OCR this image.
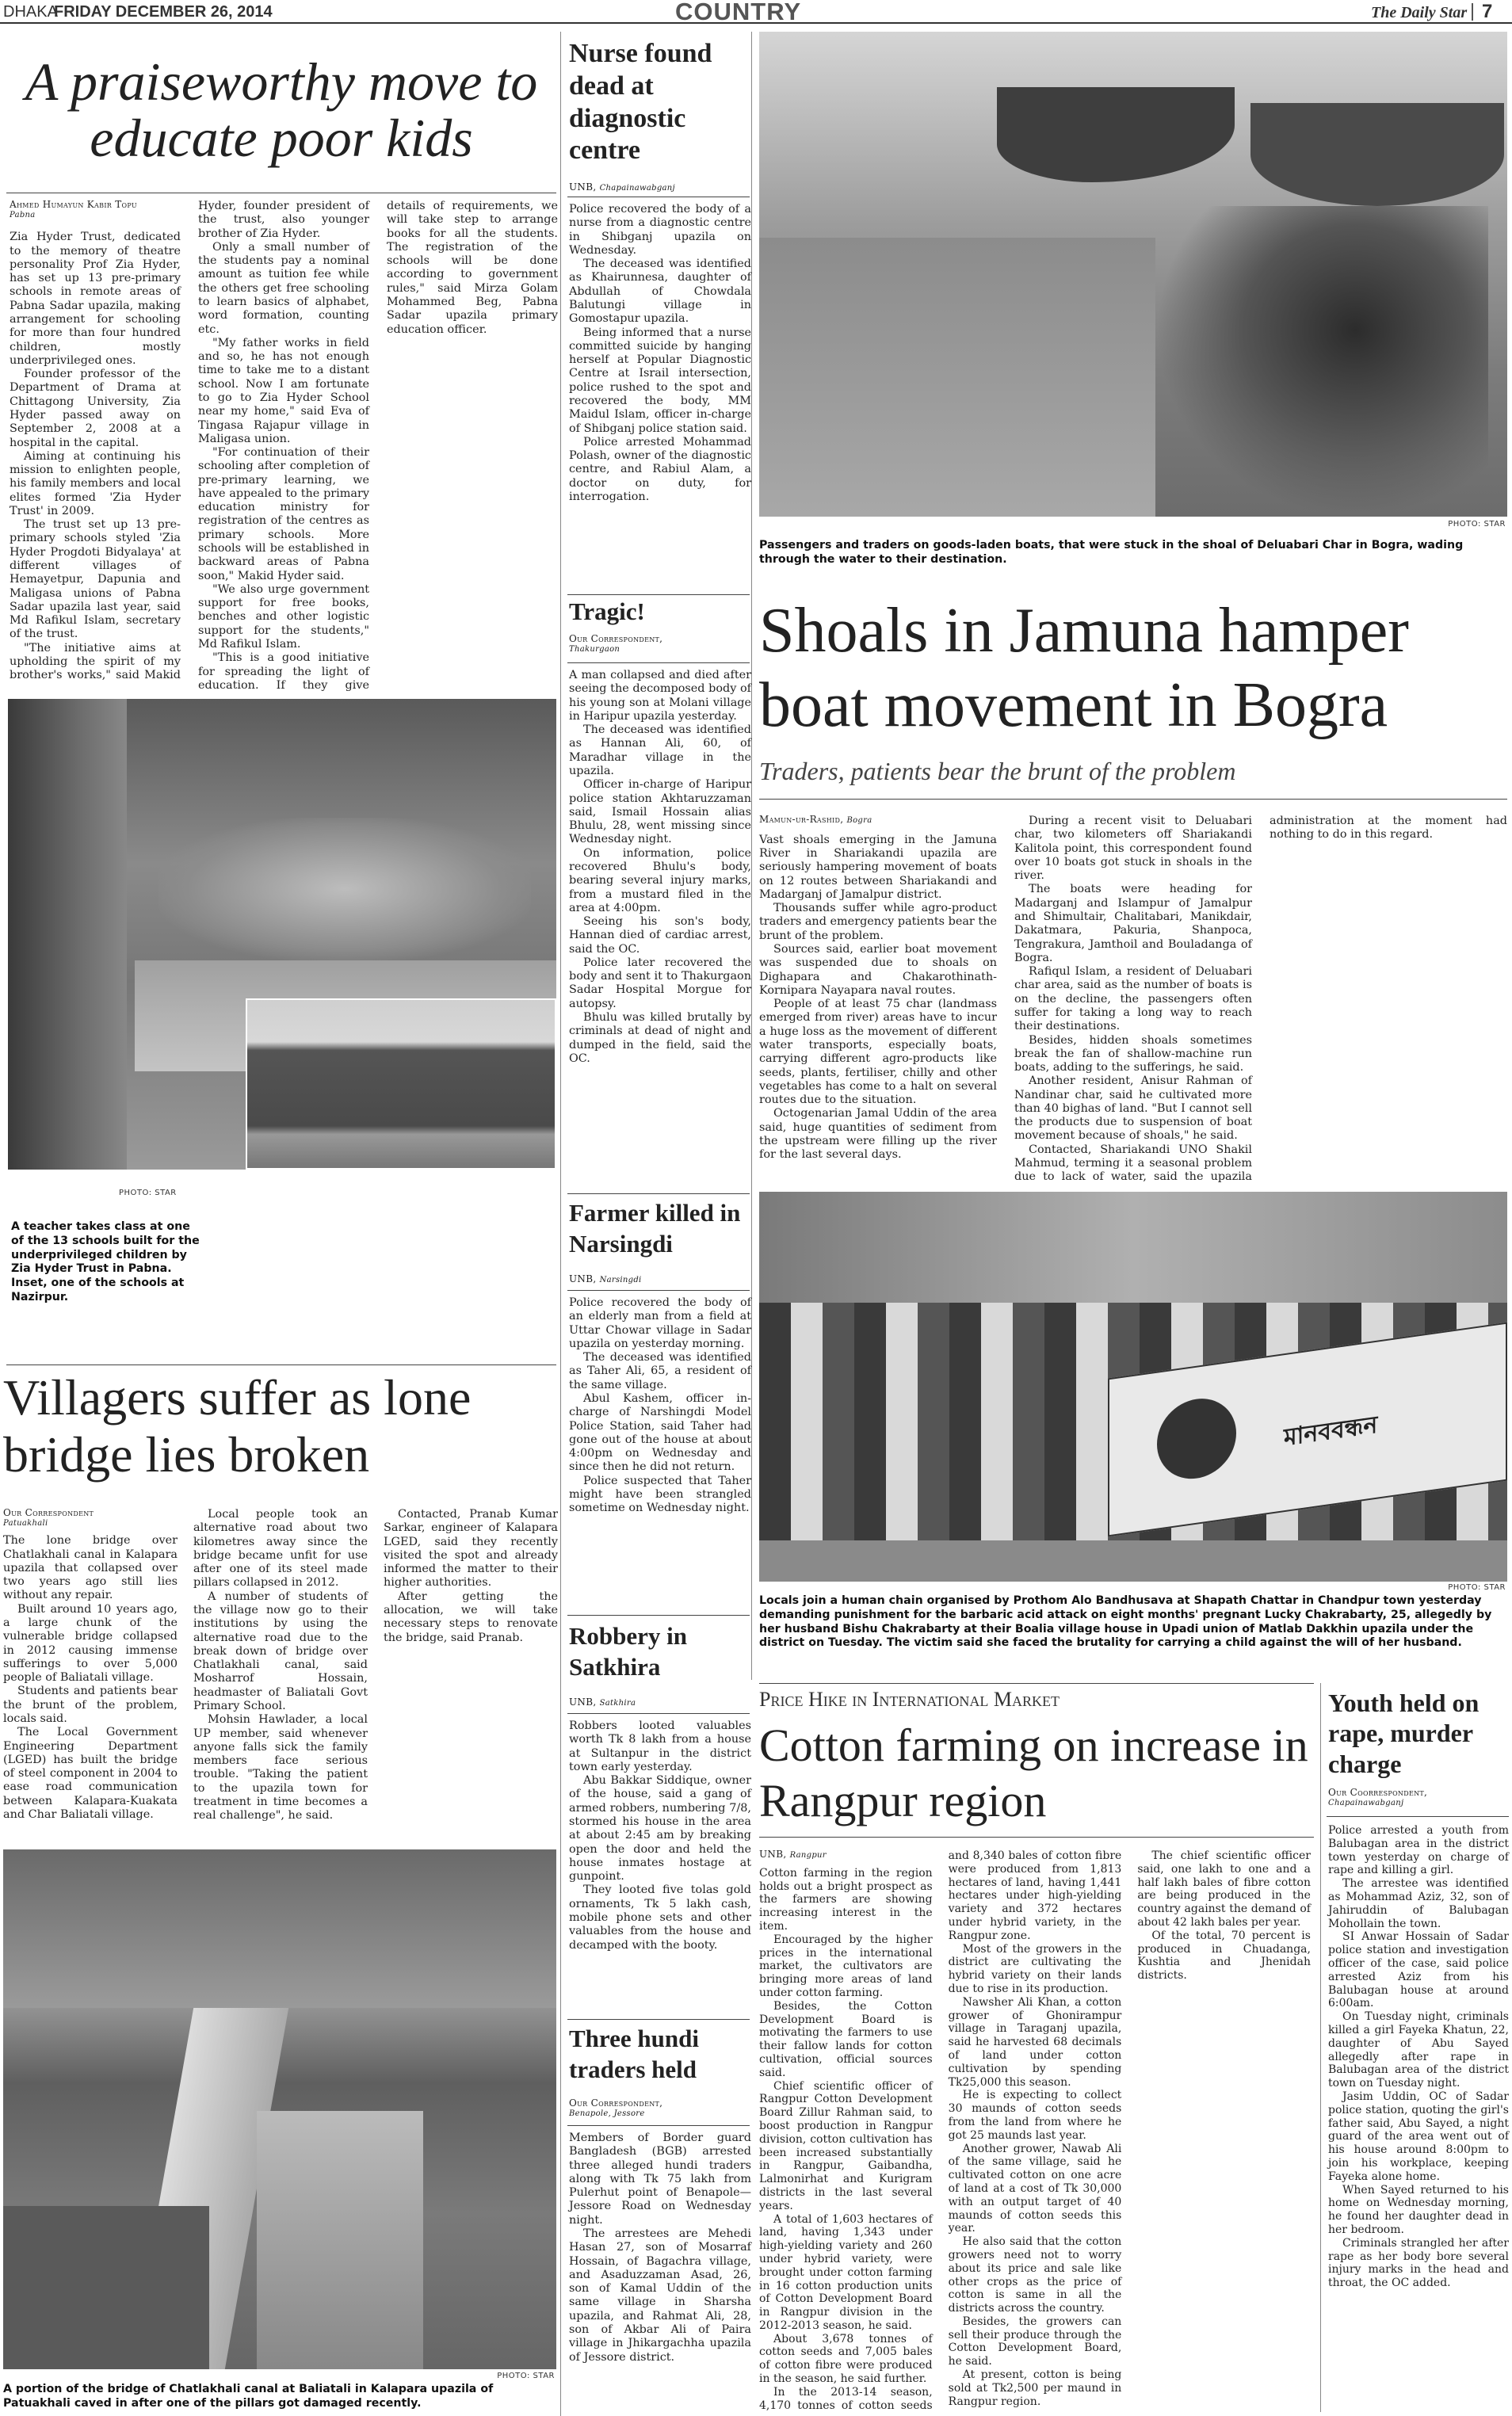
DHAKA
FRIDAY DECEMBER 26, 2014	COUNTRY	The Daily Star 7
A praiseworthy move to educate poor kids
Ahmed Humayun Kabir Topu
Pabna

Zia Hyder Trust, dedicated to the memory of theatre personality Prof Zia Hyder, has set up 13 pre-primary schools in remote areas of Pabna Sadar upazila, making arrangement for schooling for more than four hundred children, mostly underprivileged ones.

Founder professor of the Department of Drama at Chittagong University, Zia Hyder passed away on September 2, 2008 at a hospital in the capital.

Aiming at continuing his mission to enlighten people, his family members and local elites formed 'Zia Hyder Trust' in 2009.

The trust set up 13 pre-primary schools styled 'Zia Hyder Progdoti Bidyalaya' at different villages of Hemayetpur, Dapunia and Maligasa unions of Pabna Sadar upazila last year, said Md Rafikul Islam, secretary of the trust.

"The initiative aims at upholding the spirit of my brother's works," said Makid Hyder, founder president of the trust, also younger brother of Zia Hyder.

Only a small number of the students pay a nominal amount as tuition fee while the others get free schooling to learn basics of alphabet, word formation, counting etc.

"My father works in field and so, he has not enough time to take me to a distant school. Now I am fortunate to go to Zia Hyder School near my home," said Eva of Tingasa Rajapur village in Maligasa union.

"For continuation of their schooling after completion of pre-primary learning, we have appealed to the primary education ministry for registration of the centres as primary schools. More schools will be established in backward areas of Pabna soon," Makid Hyder said.

"We also urge government support for free books, benches and other logistic support for the students," Md Rafikul Islam.

"This is a good initiative for spreading the light of education. If they give details of requirements, we will take step to arrange books for all the students. The registration of the schools will be done according to government rules," said Mirza Golam Mohammed Beg, Pabna Sadar upazila primary education officer.

PHOTO: STAR
A teacher takes class at one of the 13 schools built for the underprivileged children by Zia Hyder Trust in Pabna. Inset, one of the schools at Nazirpur.
Villagers suffer as lone bridge lies broken
Our Correspondent
Patuakhali

The lone bridge over Chatlakhali canal in Kalapara upazila that collapsed over two years ago still lies without any repair.

Built around 10 years ago, a large chunk of the vulnerable bridge collapsed in 2012 causing immense sufferings to over 5,000 people of Baliatali village.

Students and patients bear the brunt of the problem, locals said.

The Local Government Engineering Department (LGED) has built the bridge of steel component in 2004 to ease road communication between Kalapara-Kuakata and Char Baliatali village.

Local people took an alternative road about two kilometres away since the bridge became unfit for use after one of its steel made pillars collapsed in 2012.

A number of students of the village now go to their institutions by using the alternative road due to the break down of bridge over Chatlakhali canal, said Mosharrof Hossain, headmaster of Baliatali Govt Primary School.

Mohsin Hawlader, a local UP member, said whenever anyone falls sick the family members face serious trouble. "Taking the patient to the upazila town for treatment in time becomes a real challenge", he said.

Contacted, Pranab Kumar Sarkar, engineer of Kalapara LGED, said they recently visited the spot and already informed the matter to their higher authorities.

After getting the allocation, we will take necessary steps to renovate the bridge, said Pranab.

PHOTO: STAR
A portion of the bridge of Chatlakhali canal at Baliatali in Kalapara upazila of Patuakhali caved in after one of the pillars got damaged recently.
Nurse found dead at diagnostic centre
UNB, Chapainawabganj

Police recovered the body of a nurse from a diagnostic centre in Shibganj upazila on Wednesday.

The deceased was identified as Khairunnesa, daughter of Abdullah of Chowdala Balutungi village in Gomostapur upazila.

Being informed that a nurse committed suicide by hanging herself at Popular Diagnostic Centre at Israil intersection, police rushed to the spot and recovered the body, MM Maidul Islam, officer in-charge of Shibganj police station said.

Police arrested Mohammad Polash, owner of the diagnostic centre, and Rabiul Alam, a doctor on duty, for interrogation.

Tragic!
Our Correspondent,
Thakurgaon

A man collapsed and died after seeing the decomposed body of his young son at Molani village in Haripur upazila yesterday.

The deceased was identified as Hannan Ali, 60, of Maradhar village in the upazila.

Officer in-charge of Haripur police station Akhtaruzzaman said, Ismail Hossain alias Bhulu, 28, went missing since Wednesday night.

On information, police recovered Bhulu's body, bearing several injury marks, from a mustard filed in the area at 4:00pm.

Seeing his son's body, Hannan died of cardiac arrest, said the OC.

Police later recovered the body and sent it to Thakurgaon Sadar Hospital Morgue for autopsy.

Bhulu was killed brutally by criminals at dead of night and dumped in the field, said the OC.

Farmer killed in Narsingdi
UNB, Narsingdi

Police recovered the body of an elderly man from a field at Uttar Chowar village in Sadar upazila on yesterday morning.

The deceased was identified as Taher Ali, 65, a resident of the same village.

Abul Kashem, officer in-charge of Narshingdi Model Police Station, said Taher had gone out of the house at about 4:00pm on Wednesday and since then he did not return.

Police suspected that Taher might have been strangled sometime on Wednesday night.

Robbery in Satkhira
UNB, Satkhira

Robbers looted valuables worth Tk 8 lakh from a house at Sultanpur in the district town early yesterday.

Abu Bakkar Siddique, owner of the house, said a gang of armed robbers, numbering 7/8, stormed his house in the area at about 2:45 am by breaking open the door and held the house inmates hostage at gunpoint.

They looted five tolas gold ornaments, Tk 5 lakh cash, mobile phone sets and other valuables from the house and decamped with the booty.

Three hundi traders held
Our Correspondent,
Benapole, Jessore

Members of Border guard Bangladesh (BGB) arrested three alleged hundi traders along with Tk 75 lakh from Pulerhut point of Benapole—Jessore Road on Wednesday night.

The arrestees are Mehedi Hasan 27, son of Mosarraf Hossain, of Bagachra village, and Asaduzzaman Asad, 26, son of Kamal Uddin of the same village in Sharsha upazila, and Rahmat Ali, 28, son of Akbar Ali of Paira village in Jhikargachha upazila of Jessore district.

PHOTO: STAR
Passengers and traders on goods-laden boats, that were stuck in the shoal of Deluabari Char in Bogra, wading through the water to their destination.
Shoals in Jamuna hamper boat movement in Bogra
Traders, patients bear the brunt of the problem
Mamun-ur-Rashid, Bogra

Vast shoals emerging in the Jamuna River in Shariakandi upazila are seriously hampering movement of boats on 12 routes between Shariakandi and Madarganj of Jamalpur district.

Thousands suffer while agro-product traders and emergency patients bear the brunt of the problem.

Sources said, earlier boat movement was suspended due to shoals on Dighapara and Chakarothinath-Kornipara Nayapara naval routes.

People of at least 75 char (landmass emerged from river) areas have to incur a huge loss as the movement of different water transports, especially boats, carrying different agro-products like seeds, plants, fertiliser, chilly and other vegetables has come to a halt on several routes due to the situation.

Octogenarian Jamal Uddin of the area said, huge quantities of sediment from the upstream were filling up the river for the last several days.

During a recent visit to Deluabari char, two kilometers off Shariakandi Kalitola point, this correspondent found over 10 boats got stuck in shoals in the river.

The boats were heading for Madarganj and Islampur of Jamalpur and Shimultair, Chalitabari, Manikdair, Dakatmara, Pakuria, Shanpoca, Tengrakura, Jamthoil and Bouladanga of Bogra.

Rafiqul Islam, a resident of Deluabari char area, said as the number of boats is on the decline, the passengers often suffer for taking a long way to reach their destinations.

Besides, hidden shoals sometimes break the fan of shallow-machine run boats, adding to the sufferings, he said.

Another resident, Anisur Rahman of Nandinar char, said he cultivated more than 40 bighas of land. "But I cannot sell the products due to suspension of boat movement because of shoals," he said.

Contacted, Shariakandi UNO Shakil Mahmud, terming it a seasonal problem due to lack of water, said the upazila administration at the moment had nothing to do in this regard.

মানববন্ধন
PHOTO: STAR
Locals join a human chain organised by Prothom Alo Bandhusava at Shapath Chattar in Chandpur town yesterday demanding punishment for the barbaric acid attack on eight months' pregnant Lucky Chakrabarty, 25, allegedly by her husband Bishu Chakrabarty at their Boalia village house in Upadi union of Matlab Dakkhin upazila under the district on Tuesday. The victim said she faced the brutality for carrying a child against the will of her husband.
Price Hike in International Market
Cotton farming on increase in Rangpur region
UNB, Rangpur

Cotton farming in the region holds out a bright prospect as the farmers are showing increasing interest in the item.

Encouraged by the higher prices in the international market, the cultivators are bringing more areas of land under cotton farming.

Besides, the Cotton Development Board is motivating the farmers to use their fallow lands for cotton cultivation, official sources said.

Chief scientific officer of Rangpur Cotton Development Board Zillur Rahman said, to boost production in Rangpur division, cotton cultivation has been increased substantially in Rangpur, Gaibandha, Lalmonirhat and Kurigram districts in the last several years.

A total of 1,603 hectares of land, having 1,343 under high-yielding variety and 260 under hybrid variety, were brought under cotton farming in 16 cotton production units of Cotton Development Board in Rangpur division in the 2012-2013 season, he said.

About 3,678 tonnes of cotton seeds and 7,005 bales of cotton fibre were produced in the season, he said further.

In the 2013-14 season, 4,170 tonnes of cotton seeds and 8,340 bales of cotton fibre were produced from 1,813 hectares of land, having 1,441 hectares under high-yielding variety and 372 hectares under hybrid variety, in the Rangpur zone.

Most of the growers in the district are cultivating the hybrid variety on their lands due to rise in its production.

Nawsher Ali Khan, a cotton grower of Ghonirampur village in Taraganj upazila, said he harvested 68 decimals of land under cotton cultivation by spending Tk25,000 this season.

He is expecting to collect 30 maunds of cotton seeds from the land from where he got 25 maunds last year.

Another grower, Nawab Ali of the same village, said he cultivated cotton on one acre of land at a cost of Tk 30,000 with an output target of 40 maunds of cotton seeds this year.

He also said that the cotton growers need not to worry about its price and sale like other crops as the price of cotton is same in all the districts across the country.

Besides, the growers can sell their produce through the Cotton Development Board, he said.

At present, cotton is being sold at Tk2,500 per maund in Rangpur region.

The chief scientific officer said, one lakh to one and a half lakh bales of fibre cotton are being produced in the country against the demand of about 42 lakh bales per year.

Of the total, 70 percent is produced in Chuadanga, Kushtia and Jhenidah districts.

Youth held on rape, murder charge
Our Coorrespondent,
Chapainawabganj

Police arrested a youth from Balubagan area in the district town yesterday on charge of rape and killing a girl.

The arrestee was identified as Mohammad Aziz, 32, son of Jahiruddin of Balubagan Mohollain the town.

SI Anwar Hossain of Sadar police station and investigation officer of the case, said police arrested Aziz from his Balubagan house at around 6:00am.

On Tuesday night, criminals killed a girl Fayeka Khatun, 22, daughter of Abu Sayed allegedly after rape in Balubagan area of the district town on Tuesday night.

Jasim Uddin, OC of Sadar police station, quoting the girl's father said, Abu Sayed, a night guard of the area went out of his house around 8:00pm to join his workplace, keeping Fayeka alone home.

When Sayed returned to his home on Wednesday morning, he found her daughter dead in her bedroom.

Criminals strangled her after rape as her body bore several injury marks in the head and throat, the OC added.
